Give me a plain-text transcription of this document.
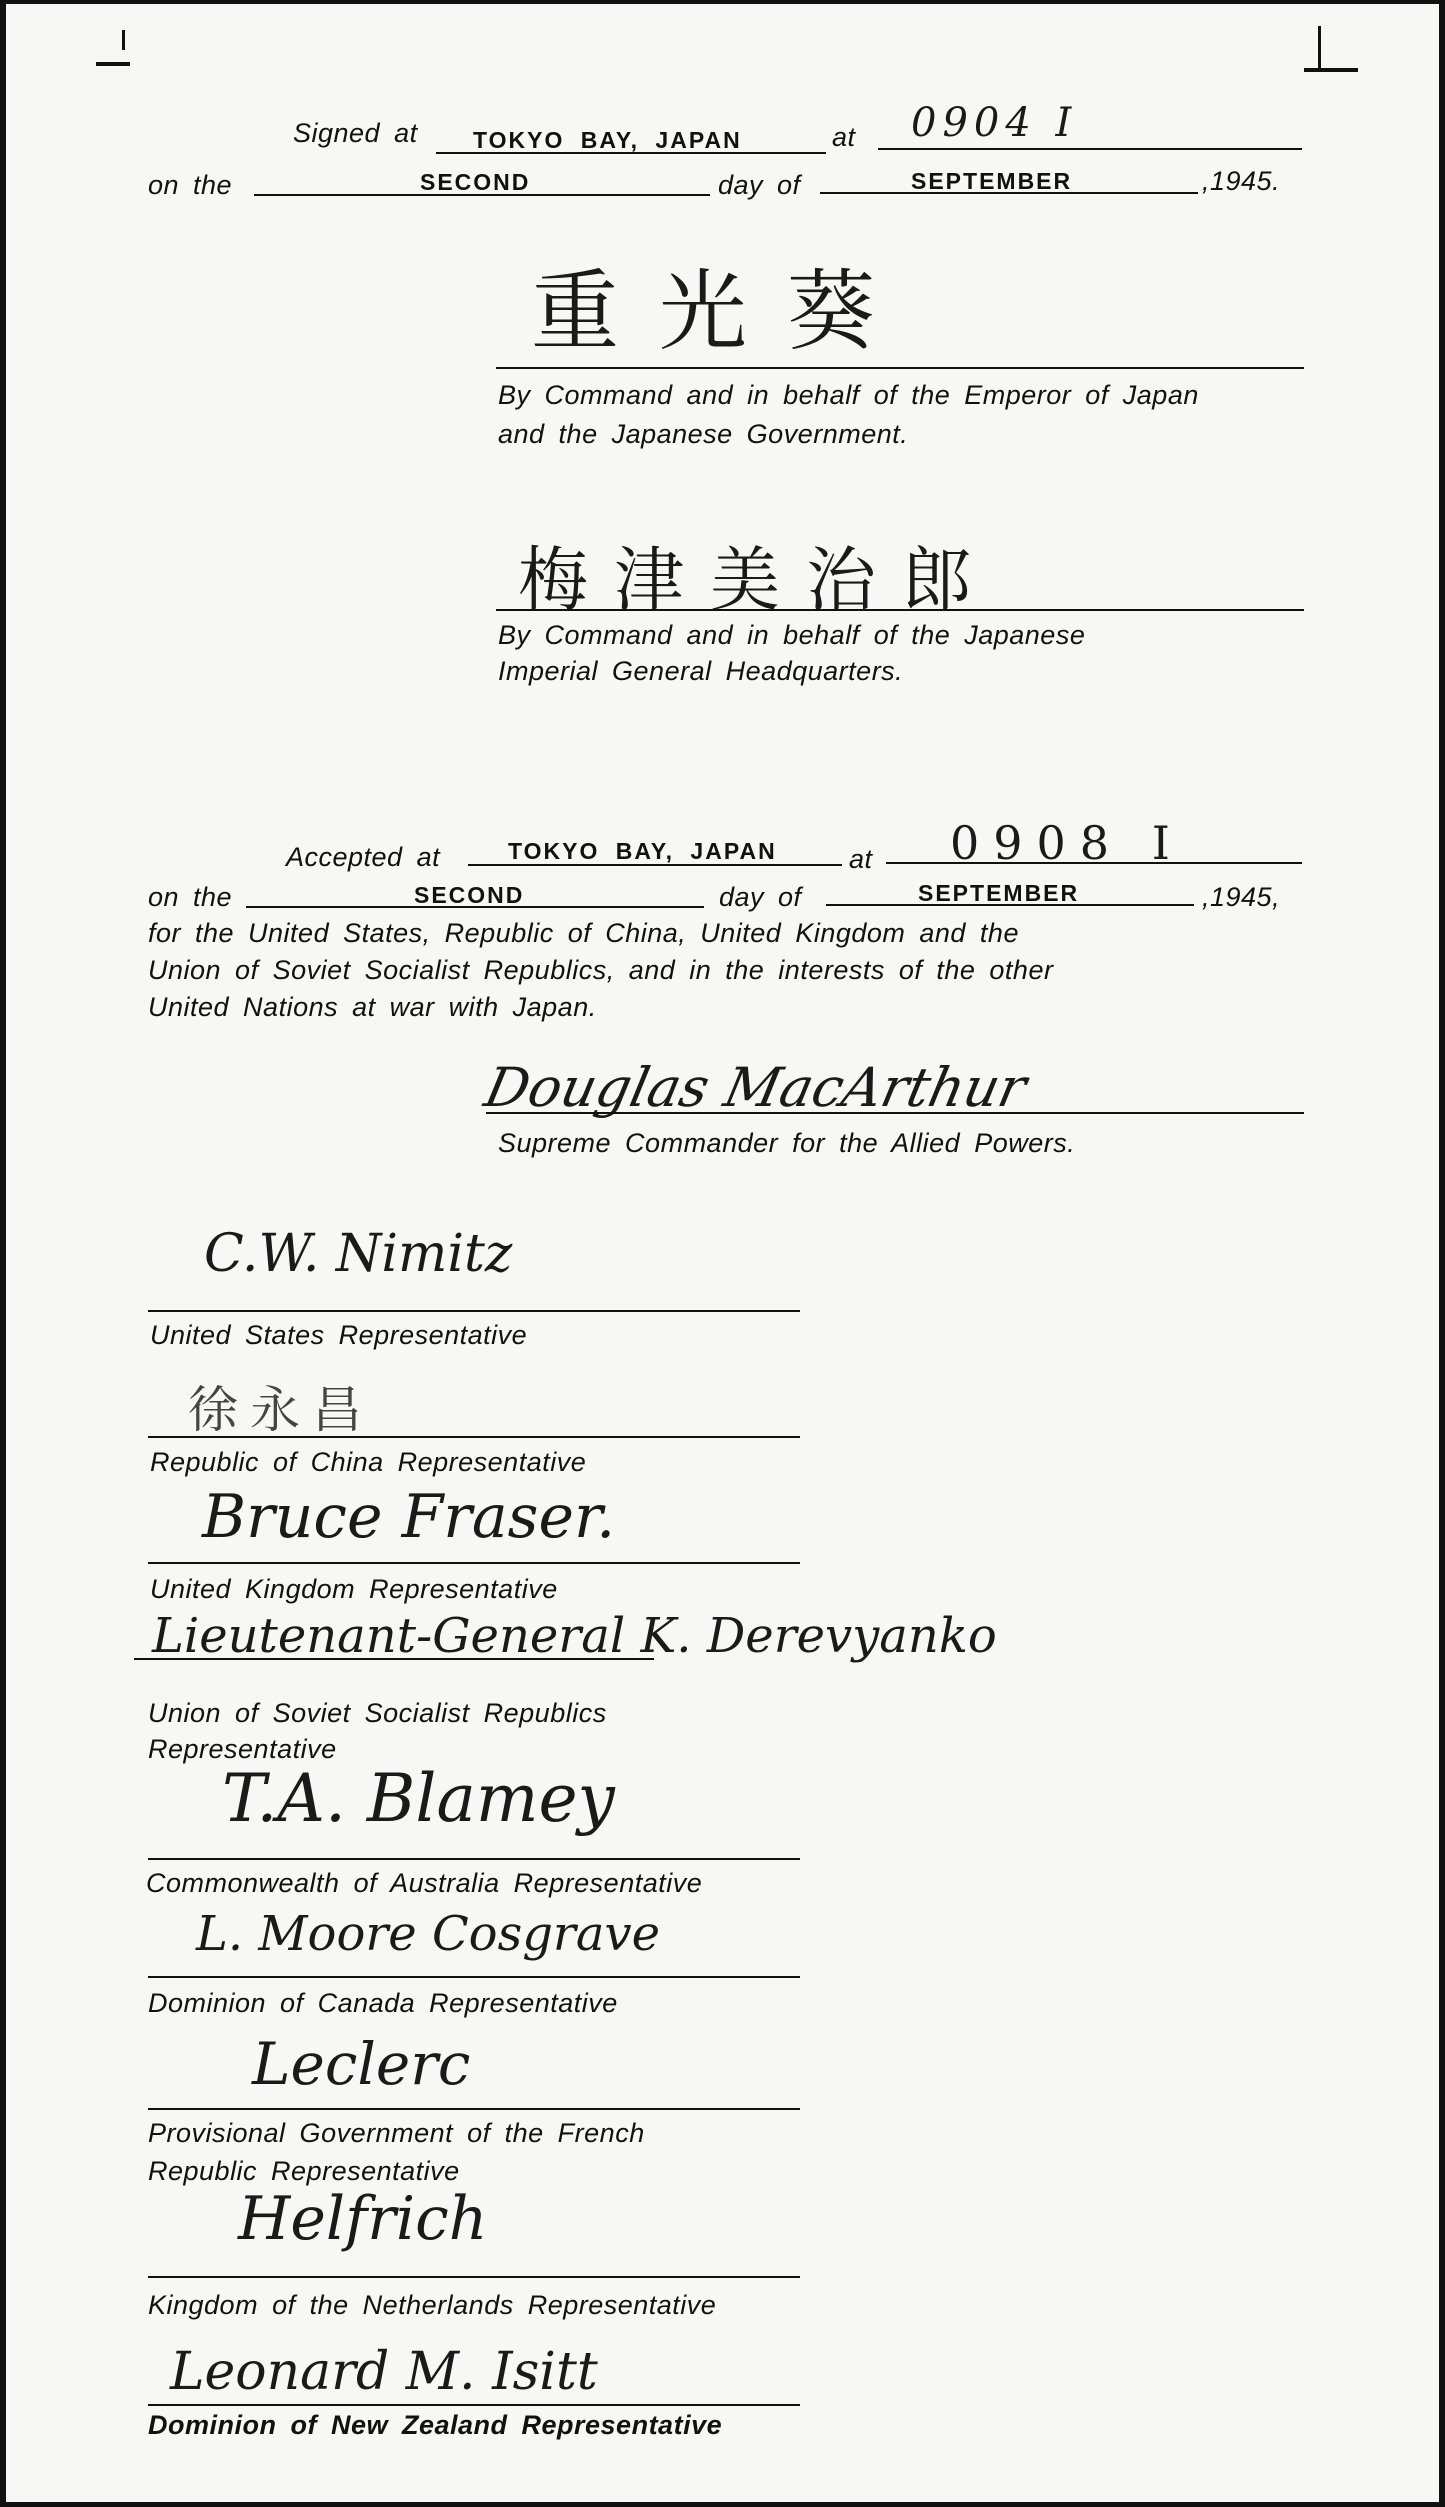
Signed at TOKYO BAY, JAPAN	at 0904 I
on the	SECOND	day of	SEPTEMBER	,1945.
重光葵
By Command and in behalf of the Emperor of Japan
and the Japanese Government.
梅津美治郎
By Command and in behalf of the Japanese
Imperial General Headquarters.
Accepted at	TOKYO BAY, JAPAN	at 0908 I
on the	SECOND	day of	SEPTEMBER	,1945,
for the United States, Republic of China, United Kingdom and the
Union of Soviet Socialist Republics, and in the interests of the other
United Nations at war with Japan.
Douglas MacArthur
Supreme Commander for the Allied Powers.
C.W. Nimitz
United States Representative
徐永昌
Republic of China Representative
Bruce Fraser.
United Kingdom Representative
Lieutenant-General K. Derevyanko
Union of Soviet Socialist Republics
Representative
T.A. Blamey
Commonwealth of Australia Representative
L. Moore Cosgrave
Dominion of Canada Representative
Leclerc
Provisional Government of the French
Republic Representative
Helfrich
Kingdom of the Netherlands Representative
Leonard M. Isitt
Dominion of New Zealand Representative
